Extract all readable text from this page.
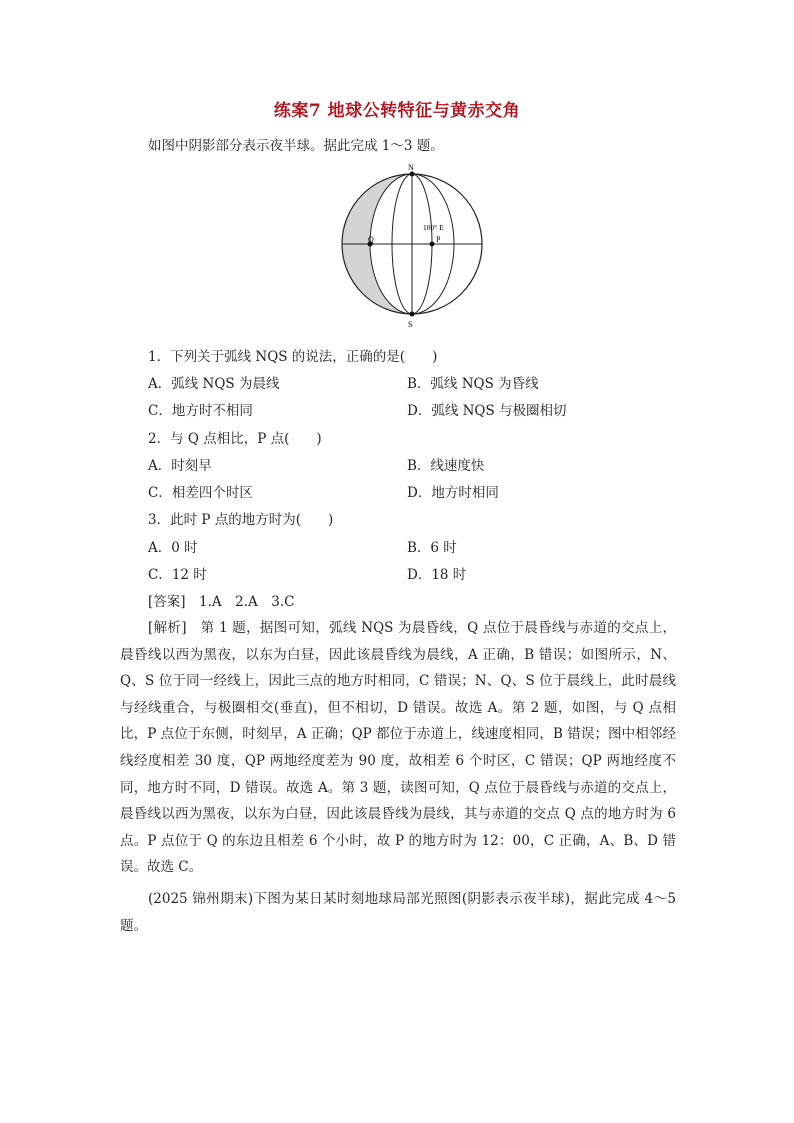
练案7 地球公转特征与黄赤交角
如图中阴影部分表示夜半球。据此完成 1～3 题。
N
S
Q	P
100° E
1．下列关于弧线 NQS 的说法，正确的是(　　)
A．弧线 NQS 为晨线	B．弧线 NQS 为昏线
C．地方时不相同	D．弧线 NQS 与极圈相切
2．与 Q 点相比，P 点(　　)
A．时刻早	B．线速度快
C．相差四个时区	D．地方时相同
3．此时 P 点的地方时为(　　)
A．0 时	B．6 时
C．12 时	D．18 时
[答案]　1.A　2.A　3.C
[解析]　第 1 题，据图可知，弧线 NQS 为晨昏线，Q 点位于晨昏线与赤道的交点上，晨昏线以西为黑夜，以东为白昼，因此该晨昏线为晨线，A 正确，B 错误；如图所示，N、Q、S 位于同一经线上，因此三点的地方时相同，C 错误；N、Q、S 位于晨线上，此时晨线与经线重合，与极圈相交(垂直)，但不相切，D 错误。故选 A。第 2 题，如图，与 Q 点相比，P 点位于东侧，时刻早，A 正确；QP 都位于赤道上，线速度相同，B 错误；图中相邻经线经度相差 30 度，QP 两地经度差为 90 度，故相差 6 个时区，C 错误；QP 两地经度不同，地方时不同，D 错误。故选 A。第 3 题，读图可知，Q 点位于晨昏线与赤道的交点上，晨昏线以西为黑夜，以东为白昼，因此该晨昏线为晨线，其与赤道的交点 Q 点的地方时为 6 点。P 点位于 Q 的东边且相差 6 个小时，故 P 的地方时为 12：00，C 正确，A、B、D 错误。故选 C。
(2025 锦州期末)下图为某日某时刻地球局部光照图(阴影表示夜半球)，据此完成 4～5 题。
